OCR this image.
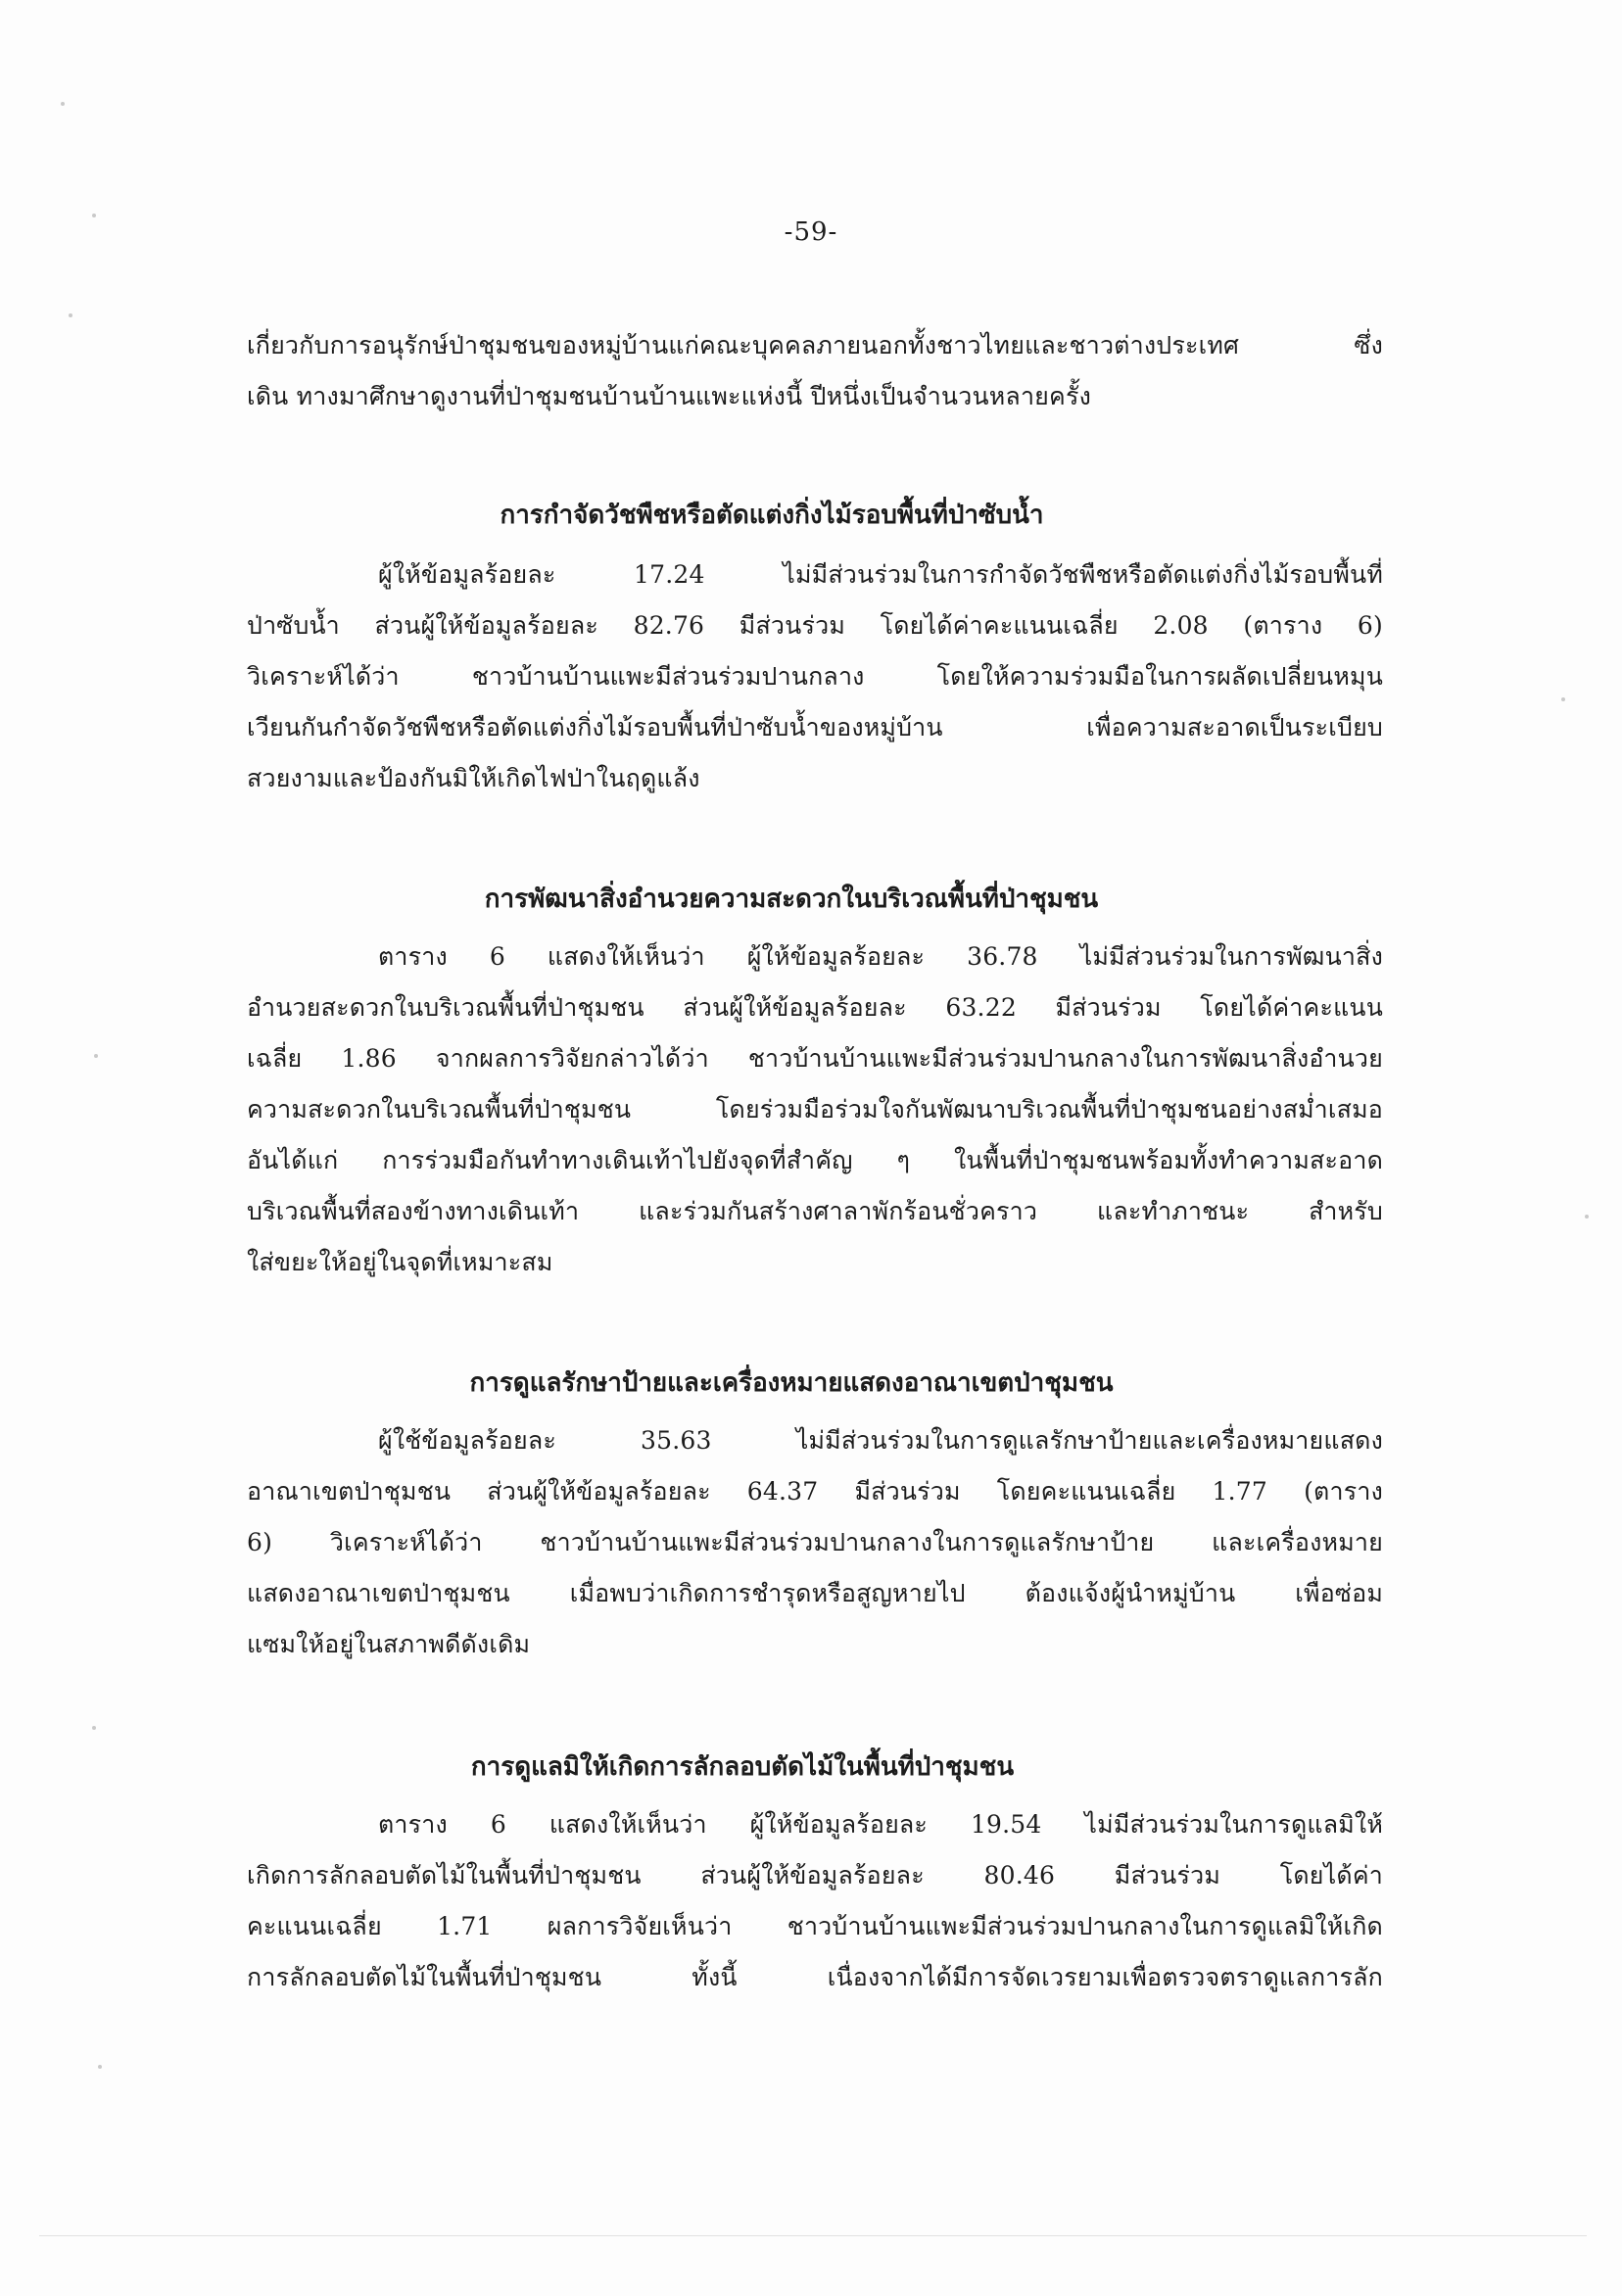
-59-
เกี่ยวกับการอนุรักษ์ป่าชุมชนของหมู่บ้านแก่คณะบุคคลภายนอกทั้งชาวไทยและชาวต่างประเทศ ซึ่ง
เดิน ทางมาศึกษาดูงานที่ป่าชุมชนบ้านบ้านแพะแห่งนี้ ปีหนึ่งเป็นจำนวนหลายครั้ง
การกำจัดวัชพืชหรือตัดแต่งกิ่งไม้รอบพื้นที่ป่าซับน้ำ
ผู้ให้ข้อมูลร้อยละ 17.24 ไม่มีส่วนร่วมในการกำจัดวัชพืชหรือตัดแต่งกิ่งไม้รอบพื้นที่
ป่าซับน้ำ ส่วนผู้ให้ข้อมูลร้อยละ 82.76 มีส่วนร่วม โดยได้ค่าคะแนนเฉลี่ย 2.08 (ตาราง 6)
วิเคราะห์ได้ว่า ชาวบ้านบ้านแพะมีส่วนร่วมปานกลาง โดยให้ความร่วมมือในการผลัดเปลี่ยนหมุน
เวียนกันกำจัดวัชพืชหรือตัดแต่งกิ่งไม้รอบพื้นที่ป่าซับน้ำของหมู่บ้าน เพื่อความสะอาดเป็นระเบียบ
สวยงามและป้องกันมิให้เกิดไฟป่าในฤดูแล้ง
การพัฒนาสิ่งอำนวยความสะดวกในบริเวณพื้นที่ป่าชุมชน
ตาราง 6 แสดงให้เห็นว่า ผู้ให้ข้อมูลร้อยละ 36.78 ไม่มีส่วนร่วมในการพัฒนาสิ่ง
อำนวยสะดวกในบริเวณพื้นที่ป่าชุมชน ส่วนผู้ให้ข้อมูลร้อยละ 63.22 มีส่วนร่วม โดยได้ค่าคะแนน
เฉลี่ย 1.86 จากผลการวิจัยกล่าวได้ว่า ชาวบ้านบ้านแพะมีส่วนร่วมปานกลางในการพัฒนาสิ่งอำนวย
ความสะดวกในบริเวณพื้นที่ป่าชุมชน โดยร่วมมือร่วมใจกันพัฒนาบริเวณพื้นที่ป่าชุมชนอย่างสม่ำเสมอ
อันได้แก่ การร่วมมือกันทำทางเดินเท้าไปยังจุดที่สำคัญ ๆ ในพื้นที่ป่าชุมชนพร้อมทั้งทำความสะอาด
บริเวณพื้นที่สองข้างทางเดินเท้า และร่วมกันสร้างศาลาพักร้อนชั่วคราว และทำภาชนะ สำหรับ
ใส่ขยะให้อยู่ในจุดที่เหมาะสม
การดูแลรักษาป้ายและเครื่องหมายแสดงอาณาเขตป่าชุมชน
ผู้ใช้ข้อมูลร้อยละ 35.63 ไม่มีส่วนร่วมในการดูแลรักษาป้ายและเครื่องหมายแสดง
อาณาเขตป่าชุมชน ส่วนผู้ให้ข้อมูลร้อยละ 64.37 มีส่วนร่วม โดยคะแนนเฉลี่ย 1.77 (ตาราง
6) วิเคราะห์ได้ว่า ชาวบ้านบ้านแพะมีส่วนร่วมปานกลางในการดูแลรักษาป้าย และเครื่องหมาย
แสดงอาณาเขตป่าชุมชน เมื่อพบว่าเกิดการชำรุดหรือสูญหายไป ต้องแจ้งผู้นำหมู่บ้าน เพื่อซ่อม
แซมให้อยู่ในสภาพดีดังเดิม
การดูแลมิให้เกิดการลักลอบตัดไม้ในพื้นที่ป่าชุมชน
ตาราง 6 แสดงให้เห็นว่า ผู้ให้ข้อมูลร้อยละ 19.54 ไม่มีส่วนร่วมในการดูแลมิให้
เกิดการลักลอบตัดไม้ในพื้นที่ป่าชุมชน ส่วนผู้ให้ข้อมูลร้อยละ 80.46 มีส่วนร่วม โดยได้ค่า
คะแนนเฉลี่ย 1.71 ผลการวิจัยเห็นว่า ชาวบ้านบ้านแพะมีส่วนร่วมปานกลางในการดูแลมิให้เกิด
การลักลอบตัดไม้ในพื้นที่ป่าชุมชน ทั้งนี้ เนื่องจากได้มีการจัดเวรยามเพื่อตรวจตราดูแลการลัก
